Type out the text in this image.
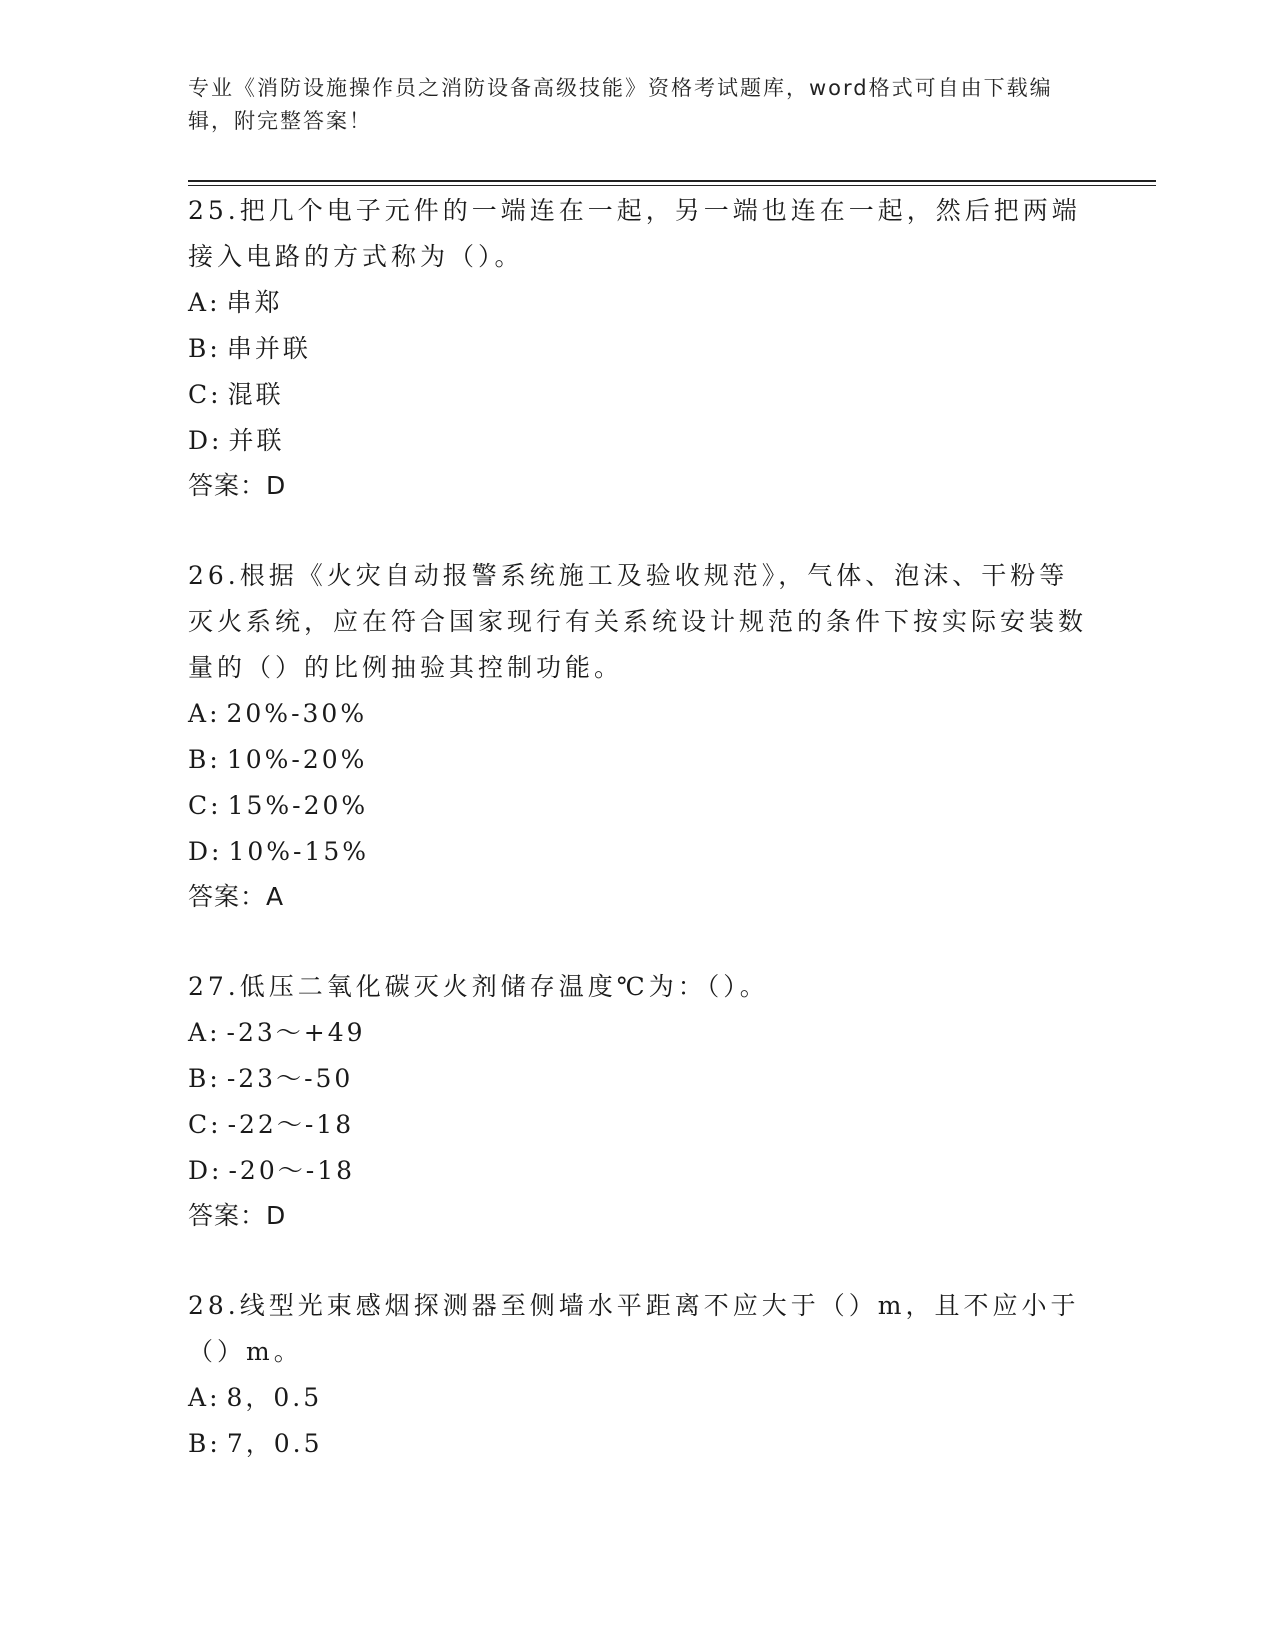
专业《消防设施操作员之消防设备高级技能》资格考试题库，word格式可自由下载编辑，附完整答案！

25.把几个电子元件的一端连在一起，另一端也连在一起，然后把两端接入电路的方式称为（）。

A : 串郑

B : 串并联

C : 混联

D : 并联

答案：D

26.根据《火灾自动报警系统施工及验收规范》，气体、泡沫、干粉等灭火系统，应在符合国家现行有关系统设计规范的条件下按实际安装数量的（）的比例抽验其控制功能。

A : 20%-30%

B : 10%-20%

C : 15%-20%

D : 10%-15%

答案：A

27.低压二氧化碳灭火剂储存温度℃为：（）。

A : -23～+49

B : -23～-50

C : -22～-18

D : -20～-18

答案：D

28.线型光束感烟探测器至侧墙水平距离不应大于（）m，且不应小于（）m。

A : 8，0.5

B : 7，0.5
